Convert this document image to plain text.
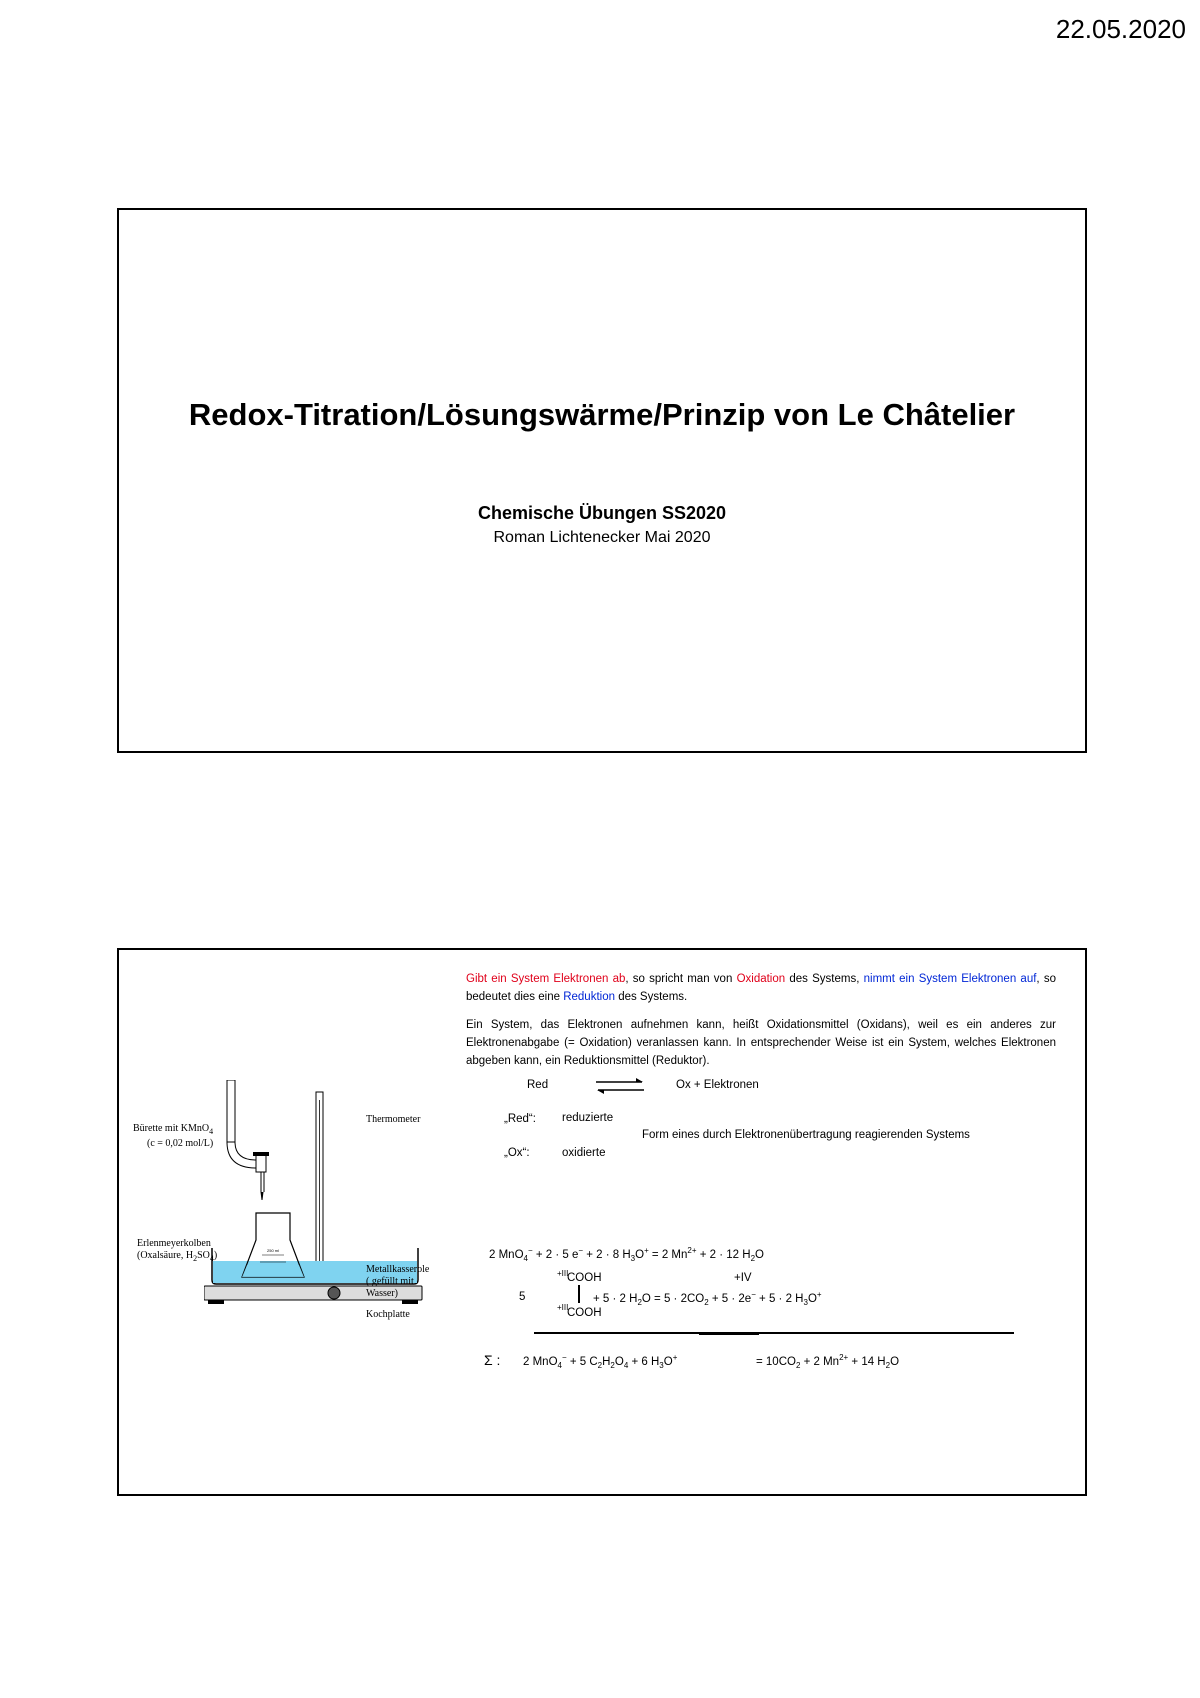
22.05.2020
Redox-Titration/Lösungswärme/Prinzip von Le Châtelier
Chemische Übungen SS2020
Roman Lichtenecker Mai 2020
250 ml
Bürette mit KMnO$_4$
(c = 0,02 mol/L)
Thermometer
Erlenmeyerkolben
(Oxalsäure, $H_2SO_4$)
Metallkasserole
( gefüllt mit
Wasser)
Kochplatte
Gibt ein System Elektronen ab, so spricht man von Oxidation des Systems, nimmt ein System Elektronen auf, so bedeutet dies eine Reduktion des Systems.
Ein System, das Elektronen aufnehmen kann, heißt Oxidationsmittel (Oxidans), weil es ein anderes zur Elektronenabgabe (= Oxidation) veranlassen kann. In entsprechender Weise ist ein System, welches Elektronen abgeben kann, ein Reduktionsmittel (Reduktor).
Red	Ox + Elektronen
„Red“: reduzierte
„Ox“:	oxidierte
Form eines durch Elektronenübertragung reagierenden Systems
2 MnO$_4$− + 2 · 5 e− + 2 · 8 $H_3O^+ = 2$ $Mn^{2+} + 2 \cdot 12$ $H_2O$
+III
COOH	+IV
5	+ 5 · 2 $H_2O = 5 \cdot 2CO_2 + 5 \cdot 2e^- + 5 \cdot 2$ $H_3O^+$
+III
COOH
Σ : 2 MnO$_4$− + 5 $C_2H_2O_4 + 6$ $H_3O^+$	= $10CO_2 + 2$ $Mn^{2+} + 14$ $H_2O$
